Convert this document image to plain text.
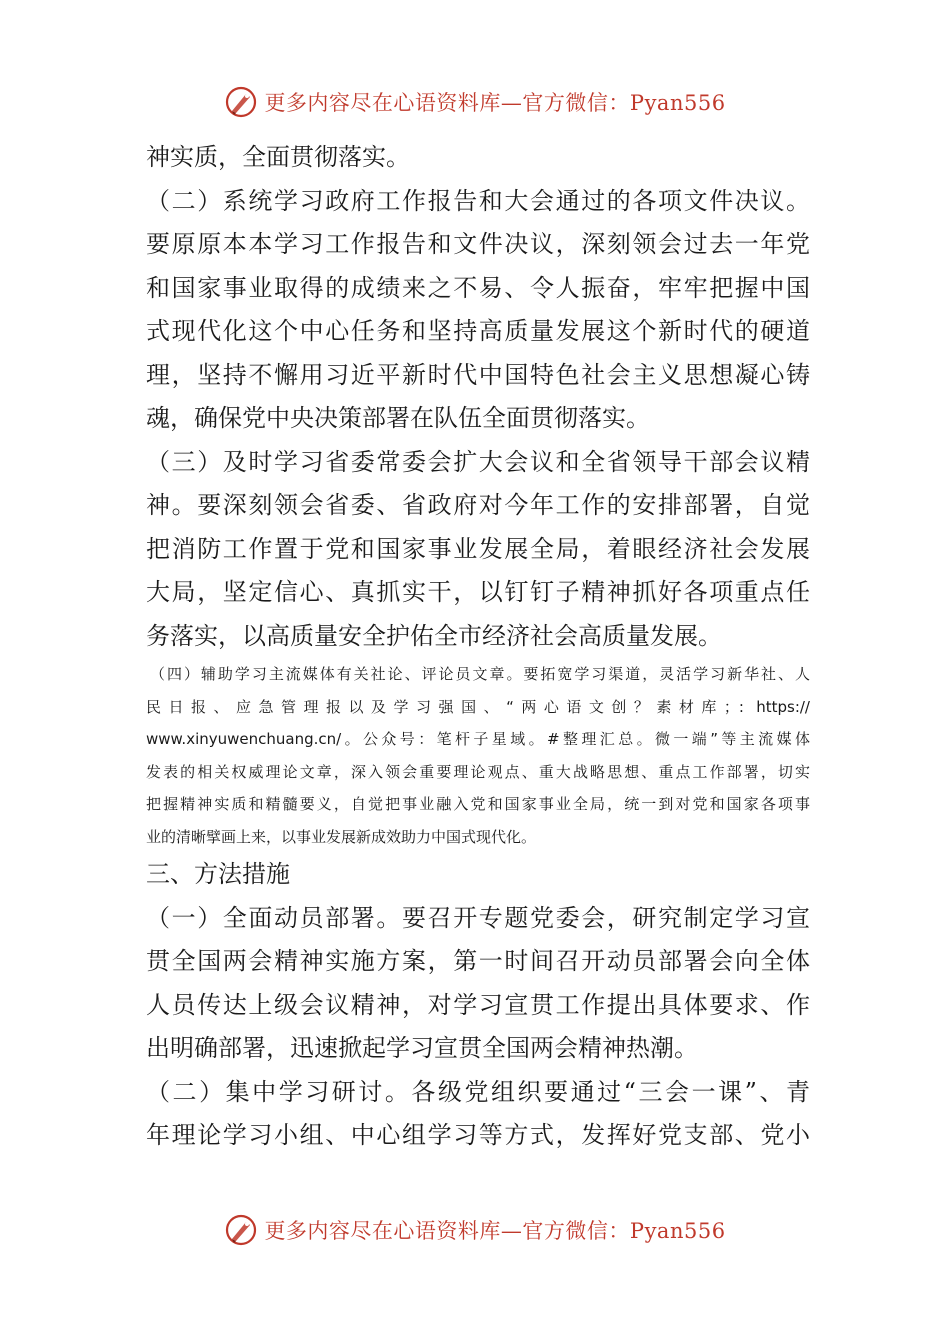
更多内容尽在心语资料库—官方微信：Pyan556
神实质，全面贯彻落实。
（二）系统学习政府工作报告和大会通过的各项文件决议。
要原原本本学习工作报告和文件决议，深刻领会过去一年党
和国家事业取得的成绩来之不易、令人振奋，牢牢把握中国
式现代化这个中心任务和坚持高质量发展这个新时代的硬道
理，坚持不懈用习近平新时代中国特色社会主义思想凝心铸
魂，确保党中央决策部署在队伍全面贯彻落实。
（三）及时学习省委常委会扩大会议和全省领导干部会议精
神。要深刻领会省委、省政府对今年工作的安排部署，自觉
把消防工作置于党和国家事业发展全局，着眼经济社会发展
大局，坚定信心、真抓实干，以钉钉子精神抓好各项重点任
务落实，以高质量安全护佑全市经济社会高质量发展。
（四）辅助学习主流媒体有关社论、评论员文章。要拓宽学习渠道，灵活学习新华社、人
民日报、应急管理报以及学习强国、“两心语文创？素材库；: https://
www.xinyuwenchuang.cn/。公众号：笔杆子星域。#整理汇总。微一端”等主流媒体
发表的相关权威理论文章，深入领会重要理论观点、重大战略思想、重点工作部署，切实
把握精神实质和精髓要义，自觉把事业融入党和国家事业全局，统一到对党和国家各项事
业的清晰擘画上来，以事业发展新成效助力中国式现代化。
三、方法措施
（一）全面动员部署。要召开专题党委会，研究制定学习宣
贯全国两会精神实施方案，第一时间召开动员部署会向全体
人员传达上级会议精神，对学习宣贯工作提出具体要求、作
出明确部署，迅速掀起学习宣贯全国两会精神热潮。
（二）集中学习研讨。各级党组织要通过“三会一课”、青
年理论学习小组、中心组学习等方式，发挥好党支部、党小
更多内容尽在心语资料库—官方微信：Pyan556
